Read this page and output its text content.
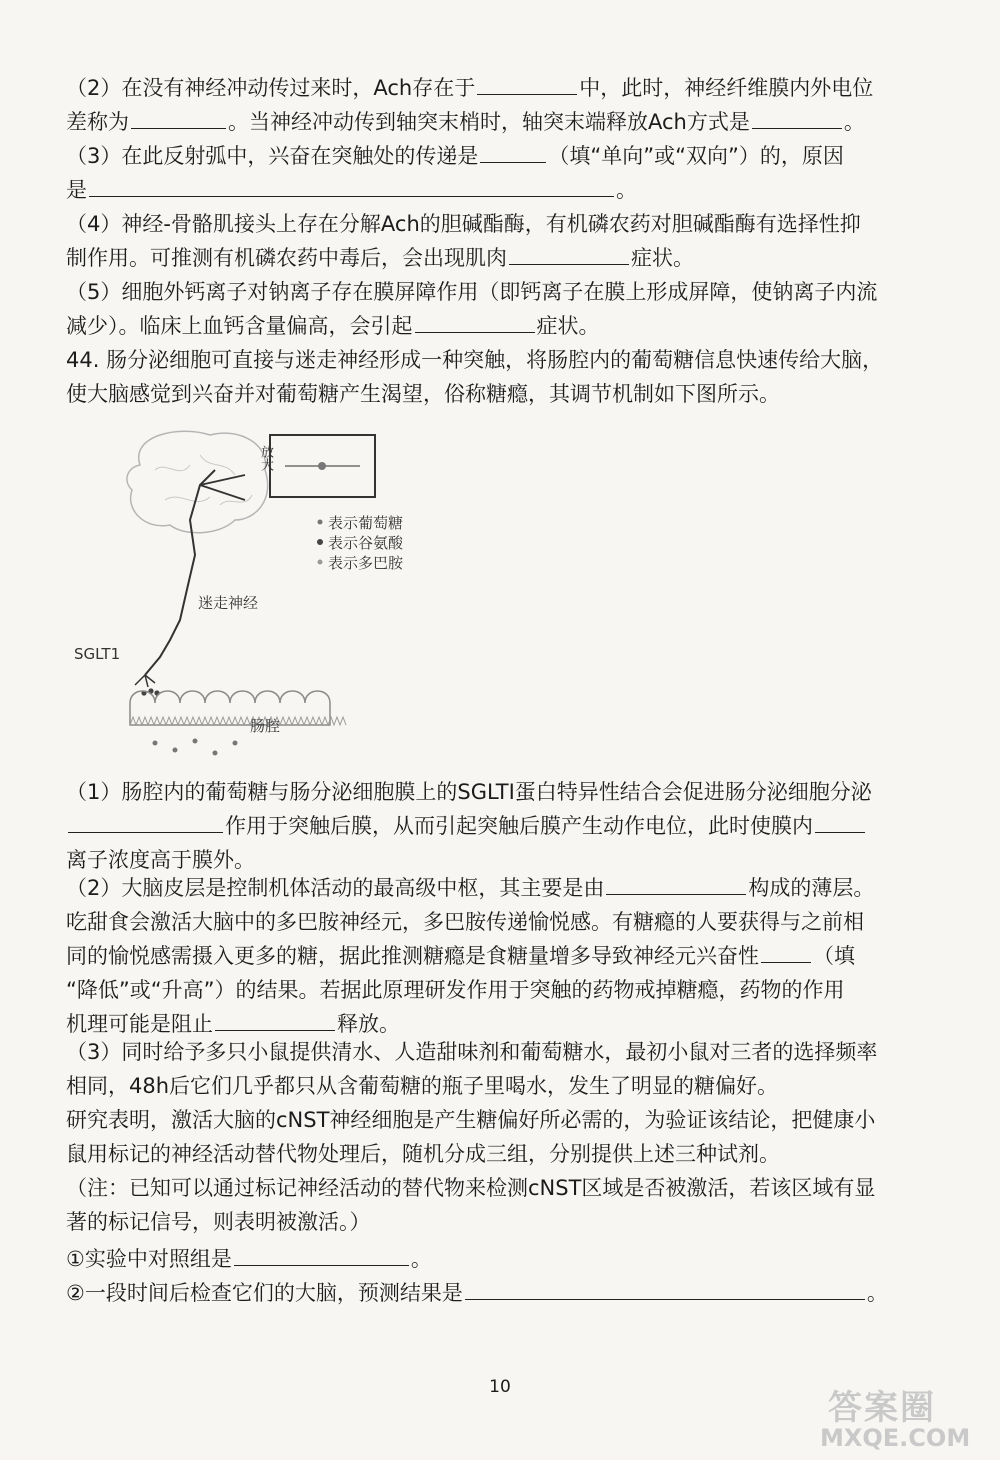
（2）在没有神经冲动传过来时，Ach存在于	中，此时，神经纤维膜内外电位
差称为	。当神经冲动传到轴突末梢时，轴突末端释放Ach方式是	。
（3）在此反射弧中，兴奋在突触处的传递是	（填“单向”或“双向”）的，原因
是	。
（4）神经-骨骼肌接头上存在分解Ach的胆碱酯酶，有机磷农药对胆碱酯酶有选择性抑
制作用。可推测有机磷农药中毒后，会出现肌肉	症状。
（5）细胞外钙离子对钠离子存在膜屏障作用（即钙离子在膜上形成屏障，使钠离子内流
减少）。临床上血钙含量偏高，会引起	症状。
44. 肠分泌细胞可直接与迷走神经形成一种突触，将肠腔内的葡萄糖信息快速传给大脑，
使大脑感觉到兴奋并对葡萄糖产生渴望，俗称糖瘾，其调节机制如下图所示。
放大
表示葡萄糖
表示谷氨酸
表示多巴胺
迷走神经
SGLT1
肠腔
（1）肠腔内的葡萄糖与肠分泌细胞膜上的SGLTI蛋白特异性结合会促进肠分泌细胞分泌
作用于突触后膜，从而引起突触后膜产生动作电位，此时使膜内
离子浓度高于膜外。
（2）大脑皮层是控制机体活动的最高级中枢，其主要是由	构成的薄层。
吃甜食会激活大脑中的多巴胺神经元，多巴胺传递愉悦感。有糖瘾的人要获得与之前相
同的愉悦感需摄入更多的糖，据此推测糖瘾是食糖量增多导致神经元兴奋性	（填
“降低”或“升高”）的结果。若据此原理研发作用于突触的药物戒掉糖瘾，药物的作用
机理可能是阻止	释放。
（3）同时给予多只小鼠提供清水、人造甜味剂和葡萄糖水，最初小鼠对三者的选择频率
相同，48h后它们几乎都只从含葡萄糖的瓶子里喝水，发生了明显的糖偏好。
研究表明，激活大脑的cNST神经细胞是产生糖偏好所必需的，为验证该结论，把健康小
鼠用标记的神经活动替代物处理后，随机分成三组，分别提供上述三种试剂。
（注：已知可以通过标记神经活动的替代物来检测cNST区域是否被激活，若该区域有显
著的标记信号，则表明被激活。）
①实验中对照组是	。
②一段时间后检查它们的大脑，预测结果是	。
10
答案圈
MXQE.COM
